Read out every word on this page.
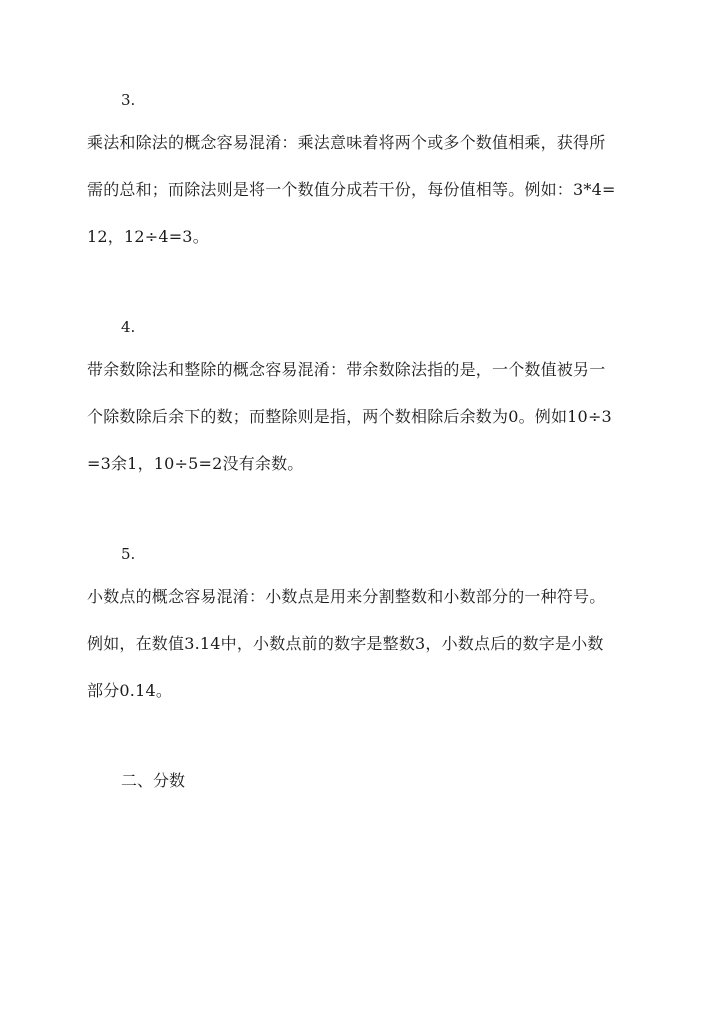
3.
乘法和除法的概念容易混淆：乘法意味着将两个或多个数值相乘，获得所
需的总和；而除法则是将一个数值分成若干份，每份值相等。例如：3*4=
12，12÷4=3。
4.
带余数除法和整除的概念容易混淆：带余数除法指的是，一个数值被另一
个除数除后余下的数；而整除则是指，两个数相除后余数为0。例如10÷3
=3余1，10÷5=2没有余数。
5.
小数点的概念容易混淆：小数点是用来分割整数和小数部分的一种符号。
例如，在数值3.14中，小数点前的数字是整数3，小数点后的数字是小数
部分0.14。
二、分数
